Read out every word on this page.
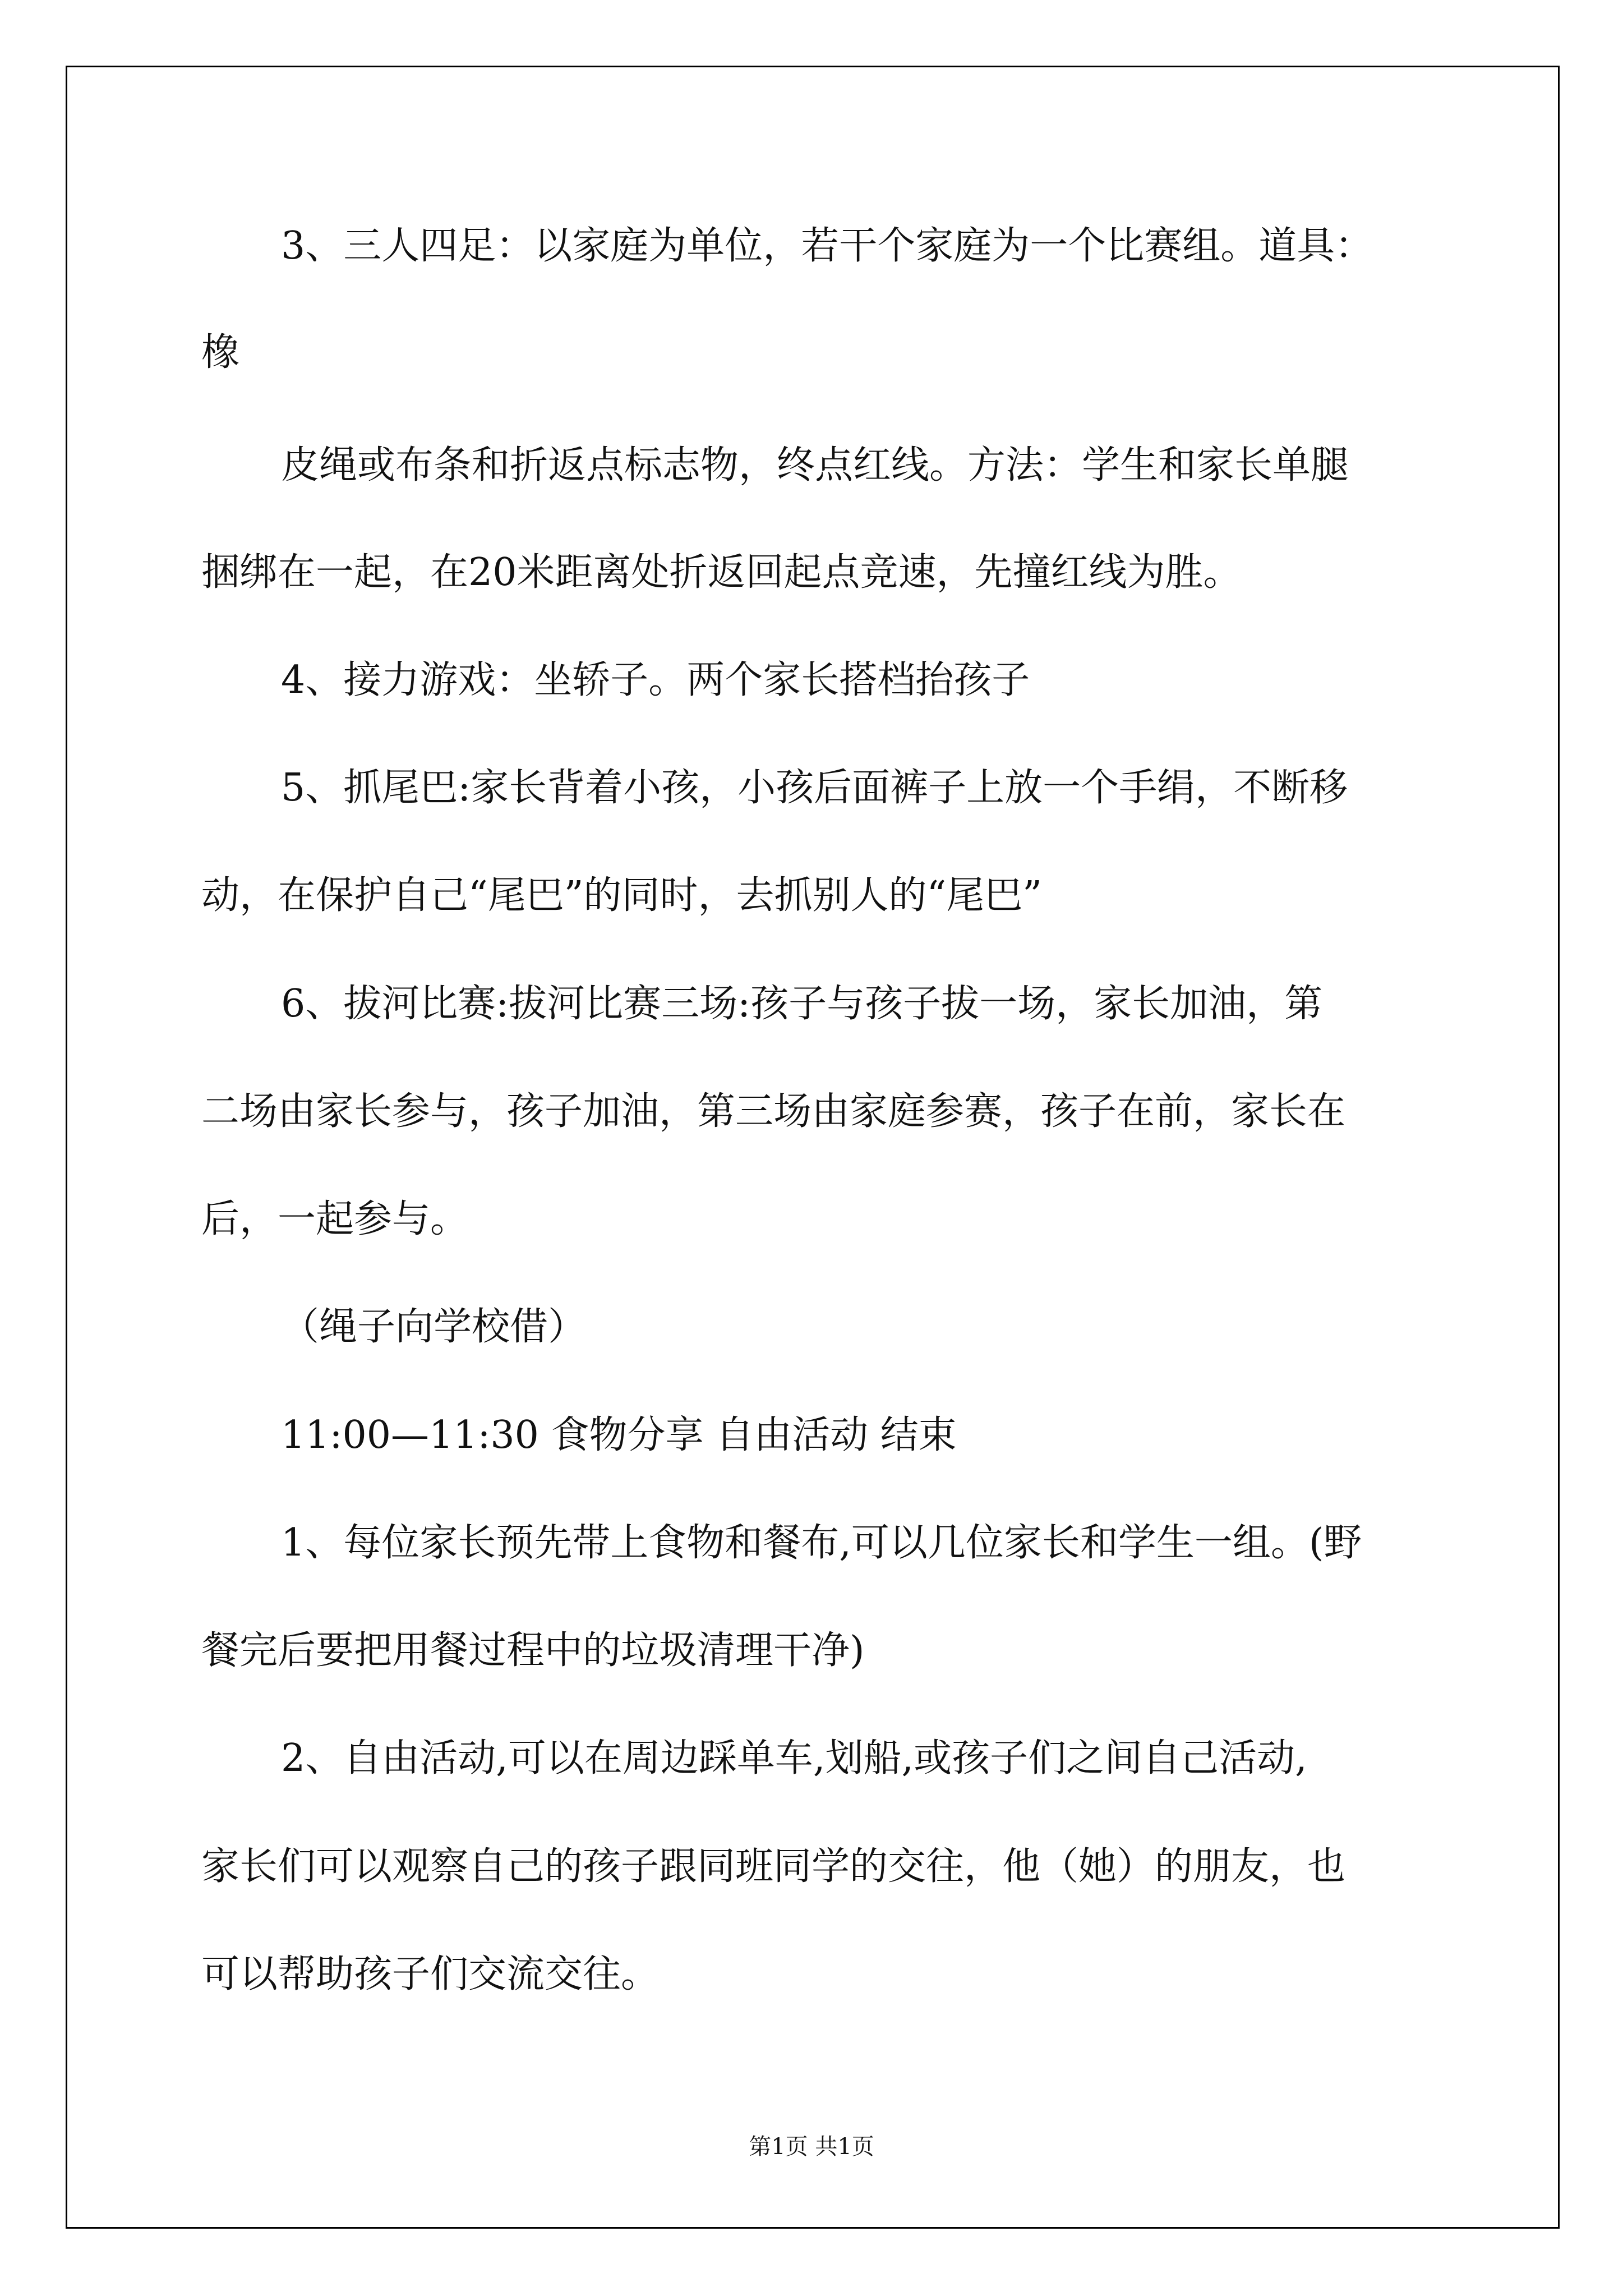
3、三人四足：以家庭为单位，若干个家庭为一个比赛组。道具：
橡
皮绳或布条和折返点标志物，终点红线。方法：学生和家长单腿
捆绑在一起，在20米距离处折返回起点竞速，先撞红线为胜。
4、接力游戏：坐轿子。两个家长搭档抬孩子
5、抓尾巴:家长背着小孩，小孩后面裤子上放一个手绢，不断移
动，在保护自己“尾巴”的同时，去抓别人的“尾巴”
6、拔河比赛:拔河比赛三场:孩子与孩子拔一场，家长加油，第
二场由家长参与，孩子加油，第三场由家庭参赛，孩子在前，家长在
后，一起参与。
（绳子向学校借）
11:00—11:30 食物分享 自由活动 结束
1、每位家长预先带上食物和餐布,可以几位家长和学生一组。(野
餐完后要把用餐过程中的垃圾清理干净)
2、自由活动,可以在周边踩单车,划船,或孩子们之间自己活动,
家长们可以观察自己的孩子跟同班同学的交往，他（她）的朋友，也
可以帮助孩子们交流交往。
第1页 共1页
